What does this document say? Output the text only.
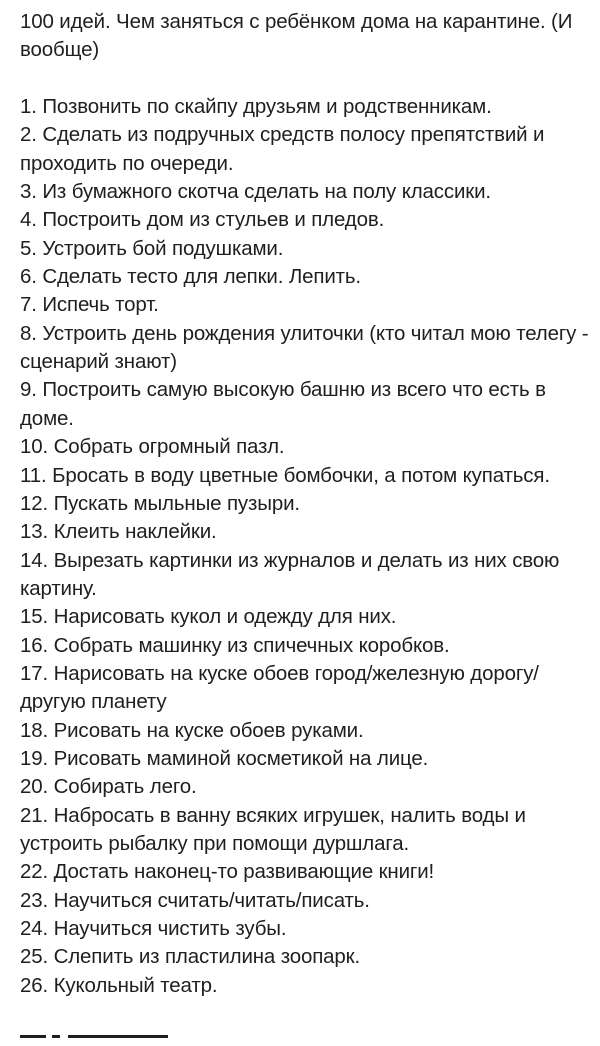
100 идей. Чем заняться с ребёнком дома на карантине. (И вообще)

1. Позвонить по скайпу друзьям и родственникам.
2. Сделать из подручных средств полосу препятствий и проходить по очереди.
3. Из бумажного скотча сделать на полу классики.
4. Построить дом из стульев и пледов.
5. Устроить бой подушками.
6. Сделать тесто для лепки. Лепить.
7. Испечь торт.
8. Устроить день рождения улиточки (кто читал мою телегу - сценарий знают)
9. Построить самую высокую башню из всего что есть в доме.
10. Собрать огромный пазл.
11. Бросать в воду цветные бомбочки, а потом купаться.
12. Пускать мыльные пузыри.
13. Клеить наклейки.
14. Вырезать картинки из журналов и делать из них свою картину.
15. Нарисовать кукол и одежду для них.
16. Собрать машинку из спичечных коробков.
17. Нарисовать на куске обоев город/железную дорогу/другую планету
18. Рисовать на куске обоев руками.
19. Рисовать маминой косметикой на лице.
20. Собирать лего.
21. Набросать в ванну всяких игрушек, налить воды и устроить рыбалку при помощи дуршлага.
22. Достать наконец-то развивающие книги!
23. Научиться считать/читать/писать.
24. Научиться чистить зубы.
25. Слепить из пластилина зоопарк.
26. Кукольный театр.
